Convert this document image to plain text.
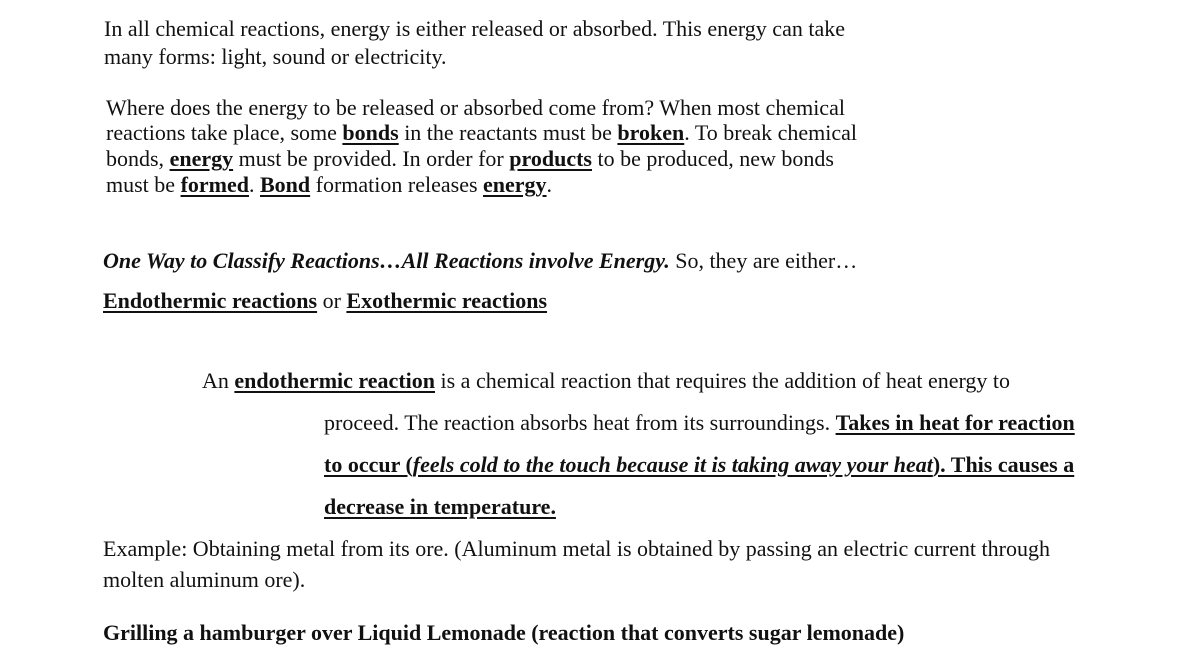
In all chemical reactions, energy is either released or absorbed. This energy can take
many forms: light, sound or electricity.
Where does the energy to be released or absorbed come from? When most chemical
reactions take place, some bonds in the reactants must be broken. To break chemical
bonds, energy must be provided. In order for products to be produced, new bonds
must be formed. Bond formation releases energy.
One Way to Classify Reactions…All Reactions involve Energy. So, they are either…
Endothermic reactions or Exothermic reactions
An endothermic reaction is a chemical reaction that requires the addition of heat energy to
proceed. The reaction absorbs heat from its surroundings. Takes in heat for reaction
to occur (feels cold to the touch because it is taking away your heat). This causes a
decrease in temperature.
Example: Obtaining metal from its ore. (Aluminum metal is obtained by passing an electric current through
molten aluminum ore).
Grilling a hamburger over Liquid Lemonade (reaction that converts sugar lemonade)
